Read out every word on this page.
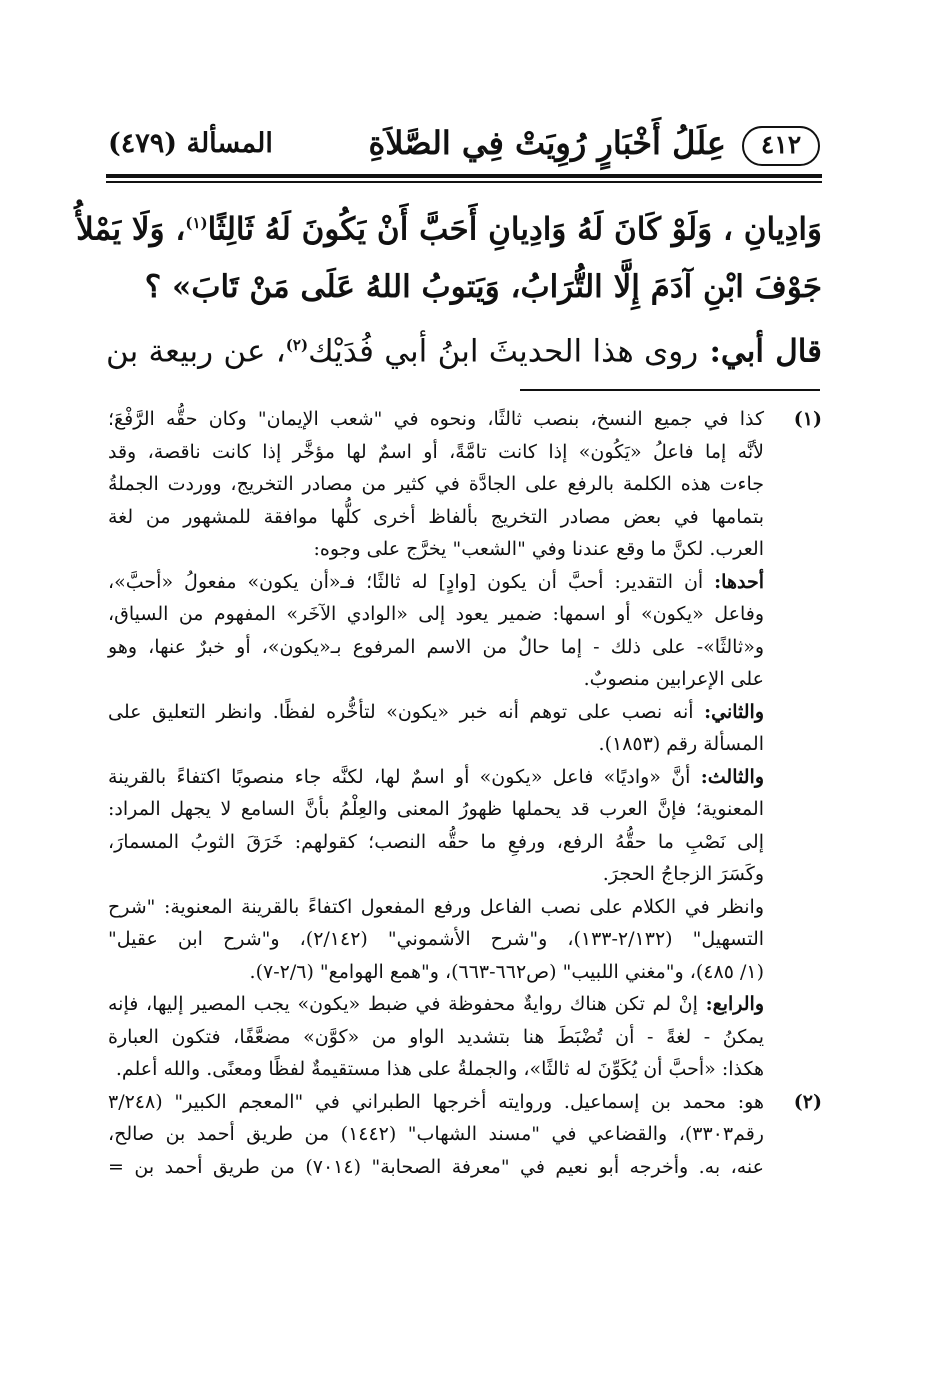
٤١٢
عِلَلُ أَخْبَارٍ رُوِيَتْ فِي الصَّلاَةِ
المسألة (٤٧٩)
وَادِيانِ ، وَلَوْ كَانَ لَهُ وَادِيانِ أَحَبَّ أَنْ يَكُونَ لَهُ ثَالِثًا$^{(١)}$، وَلَا يَمْلأُ
جَوْفَ ابْنِ آدَمَ إِلَّا التُّرَابُ، وَيَتوبُ اللهُ عَلَى مَنْ تَابَ» ؟
قال أبي: روى هذا الحديثَ ابنُ أبي فُدَيْك$^{(٢)}$، عن ربيعة بن
(١)
كذا في جميع النسخ، بنصب ثالثًا، ونحوه في "شعب الإيمان" وكان حقُّه الرَّفْعَ؛
لأنَّه إما فاعلُ «يَكُون» إذا كانت تامَّةً، أو اسمٌ لها مؤخَّر إذا كانت ناقصة، وقد
جاءت هذه الكلمة بالرفع على الجادَّة في كثير من مصادر التخريج، ووردت الجملةُ
بتمامها في بعض مصادر التخريج بألفاظ أخرى كلُّها موافقة للمشهور من لغة
العرب. لكنَّ ما وقع عندنا وفي "الشعب" يخرَّج على وجوه:
أحدها: أن التقدير: أحبَّ أن يكون [وادٍ] له ثالثًا؛ فـ«أن يكون» مفعولُ «أحبَّ»،
وفاعل «يكون» أو اسمها: ضمير يعود إلى «الوادي الآخَر» المفهوم من السياق،
و«ثالثًا»- على ذلك - إما حالٌ من الاسم المرفوع بـ«يكون»، أو خبرٌ عنها، وهو
على الإعرابين منصوبٌ.
والثاني: أنه نصب على توهم أنه خبر «يكون» لتأخُّره لفظًا. وانظر التعليق على
المسألة رقم (١٨٥٣).
والثالث: أنَّ «واديًا» فاعل «يكون» أو اسمٌ لها، لكنَّه جاء منصوبًا اكتفاءً بالقرينة
المعنوية؛ فإنَّ العرب قد يحملها ظهورُ المعنى والعِلْمُ بأنَّ السامع لا يجهل المراد:
إلى نَصْبِ ما حقُّهُ الرفع، ورفعِ ما حقُّه النصب؛ كقولهم: خَرَقَ الثوبُ المسمارَ،
وكَسَرَ الزجاجُ الحجرَ.
وانظر في الكلام على نصب الفاعل ورفع المفعول اكتفاءً بالقرينة المعنوية: "شرح
التسهيل" (٢/١٣٢-١٣٣)، و"شرح الأشموني" (٢/١٤٢)، و"شرح ابن عقيل"
(١/ ٤٨٥)، و"مغني اللبيب" (ص٦٦٢-٦٦٣)، و"همع الهوامع" (٢/٦-٧).
والرابع: إنْ لم تكن هناك روايةٌ محفوظة في ضبط «يكون» يجب المصير إليها، فإنه
يمكنُ - لغةً - أن تُضْبَطَ هنا بتشديد الواو من «كوَّن» مضعَّفًا، فتكون العبارة
هكذا: «أحبَّ أن يُكَوِّنَ له ثالثًا»، والجملةُ على هذا مستقيمةٌ لفظًا ومعنًى. والله أعلم.
(٢)
هو: محمد بن إسماعيل. وروايته أخرجها الطبراني في "المعجم الكبير" (٣/٢٤٨
رقم٣٣٠٣)، والقضاعي في "مسند الشهاب" (١٤٤٢) من طريق أحمد بن صالح،
عنه، به. وأخرجه أبو نعيم في "معرفة الصحابة" (٧٠١٤) من طريق أحمد بن =
